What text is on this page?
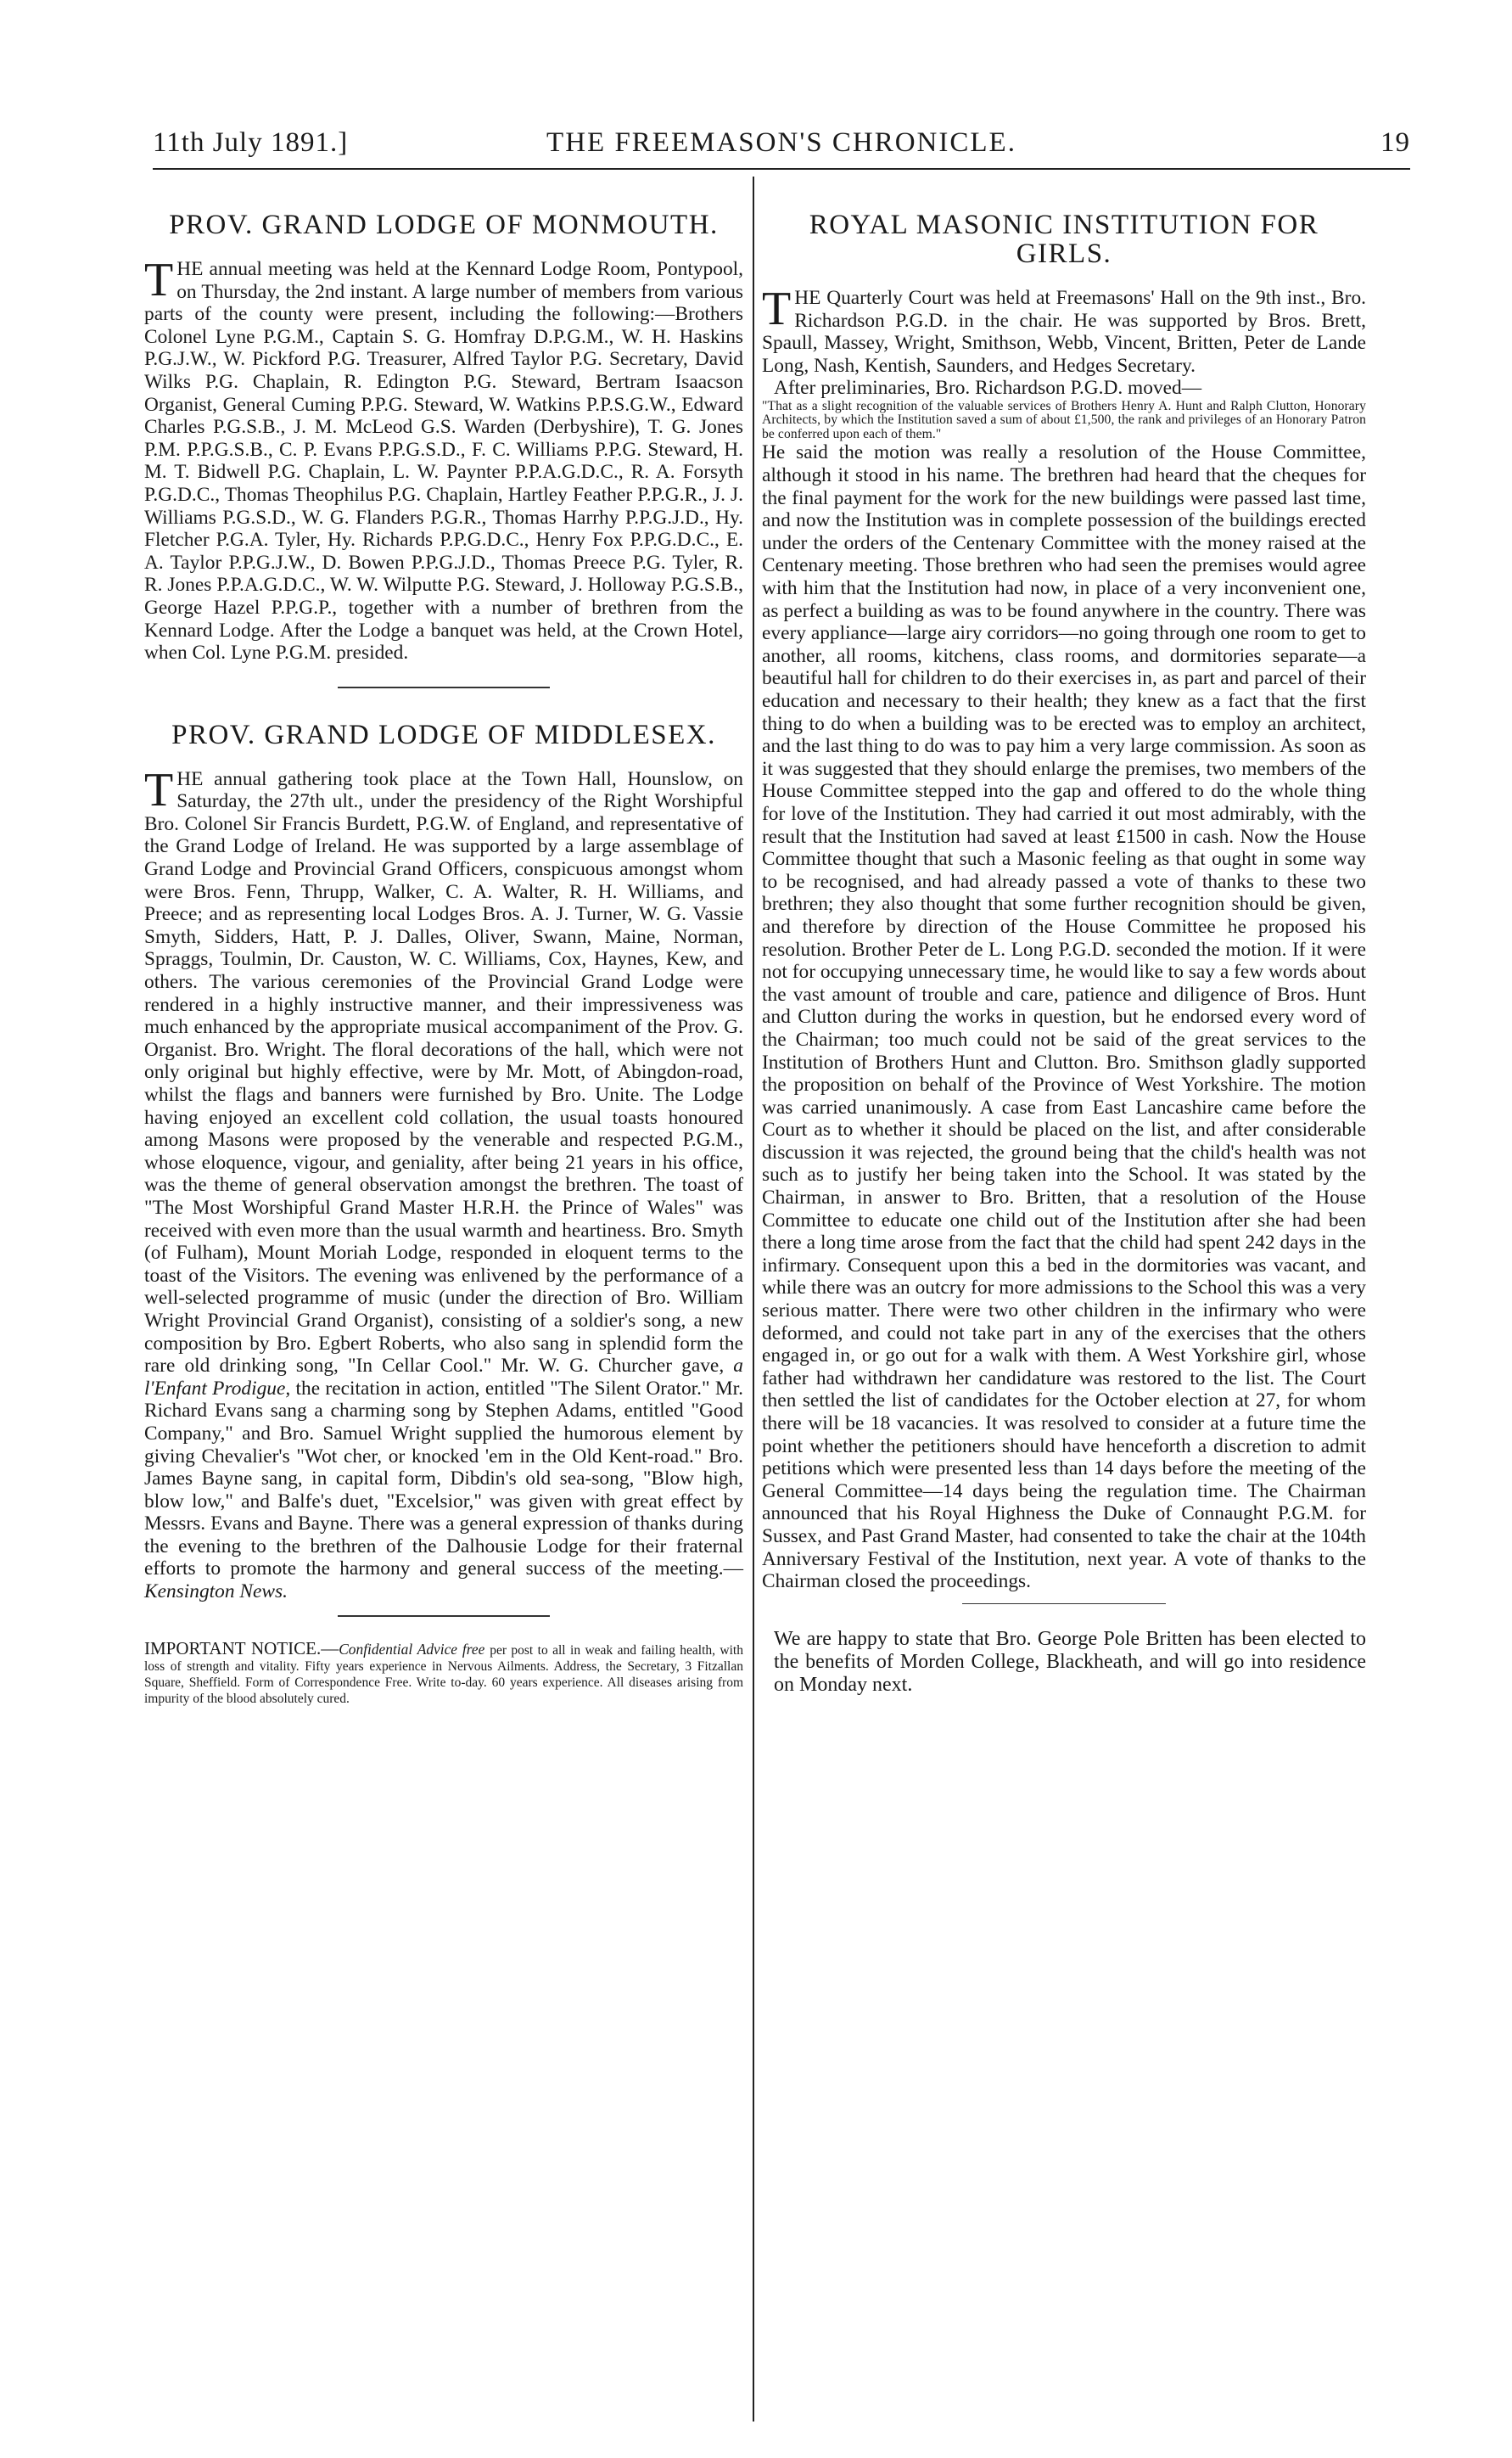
11th July 1891.]	THE FREEMASON'S CHRONICLE.	19
PROV. GRAND LODGE OF MONMOUTH.

THE annual meeting was held at the Kennard Lodge Room, Pontypool, on Thursday, the 2nd instant. A large number of members from various parts of the county were present, including the following:—Brothers Colonel Lyne P.G.M., Captain S. G. Homfray D.P.G.M., W. H. Haskins P.G.J.W., W. Pickford P.G. Treasurer, Alfred Taylor P.G. Secretary, David Wilks P.G. Chaplain, R. Edington P.G. Steward, Bertram Isaacson Organist, General Cuming P.P.G. Steward, W. Watkins P.P.S.G.W., Edward Charles P.G.S.B., J. M. McLeod G.S. Warden (Derbyshire), T. G. Jones P.M. P.P.G.S.B., C. P. Evans P.P.G.S.D., F. C. Williams P.P.G. Steward, H. M. T. Bidwell P.G. Chaplain, L. W. Paynter P.P.A.G.D.C., R. A. Forsyth P.G.D.C., Thomas Theophilus P.G. Chaplain, Hartley Feather P.P.G.R., J. J. Williams P.G.S.D., W. G. Flanders P.G.R., Thomas Harrhy P.P.G.J.D., Hy. Fletcher P.G.A. Tyler, Hy. Richards P.P.G.D.C., Henry Fox P.P.G.D.C., E. A. Taylor P.P.G.J.W., D. Bowen P.P.G.J.D., Thomas Preece P.G. Tyler, R. R. Jones P.P.A.G.D.C., W. W. Wilputte P.G. Steward, J. Holloway P.G.S.B., George Hazel P.P.G.P., together with a number of brethren from the Kennard Lodge. After the Lodge a banquet was held, at the Crown Hotel, when Col. Lyne P.G.M. presided.

PROV. GRAND LODGE OF MIDDLESEX.

THE annual gathering took place at the Town Hall, Hounslow, on Saturday, the 27th ult., under the presidency of the Right Worshipful Bro. Colonel Sir Francis Burdett, P.G.W. of England, and representative of the Grand Lodge of Ireland. He was supported by a large assemblage of Grand Lodge and Provincial Grand Officers, conspicuous amongst whom were Bros. Fenn, Thrupp, Walker, C. A. Walter, R. H. Williams, and Preece; and as representing local Lodges Bros. A. J. Turner, W. G. Vassie Smyth, Sidders, Hatt, P. J. Dalles, Oliver, Swann, Maine, Norman, Spraggs, Toulmin, Dr. Causton, W. C. Williams, Cox, Haynes, Kew, and others. The various ceremonies of the Provincial Grand Lodge were rendered in a highly instructive manner, and their impressiveness was much enhanced by the appropriate musical accompaniment of the Prov. G. Organist. Bro. Wright. The floral decorations of the hall, which were not only original but highly effective, were by Mr. Mott, of Abingdon-road, whilst the flags and banners were furnished by Bro. Unite. The Lodge having enjoyed an excellent cold collation, the usual toasts honoured among Masons were proposed by the venerable and respected P.G.M., whose eloquence, vigour, and geniality, after being 21 years in his office, was the theme of general observation amongst the brethren. The toast of "The Most Worshipful Grand Master H.R.H. the Prince of Wales" was received with even more than the usual warmth and heartiness. Bro. Smyth (of Fulham), Mount Moriah Lodge, responded in eloquent terms to the toast of the Visitors. The evening was enlivened by the performance of a well-selected programme of music (under the direction of Bro. William Wright Provincial Grand Organist), consisting of a soldier's song, a new composition by Bro. Egbert Roberts, who also sang in splendid form the rare old drinking song, "In Cellar Cool." Mr. W. G. Churcher gave, a l'Enfant Prodigue, the recitation in action, entitled "The Silent Orator." Mr. Richard Evans sang a charming song by Stephen Adams, entitled "Good Company," and Bro. Samuel Wright supplied the humorous element by giving Chevalier's "Wot cher, or knocked 'em in the Old Kent-road." Bro. James Bayne sang, in capital form, Dibdin's old sea-song, "Blow high, blow low," and Balfe's duet, "Excelsior," was given with great effect by Messrs. Evans and Bayne. There was a general expression of thanks during the evening to the brethren of the Dalhousie Lodge for their fraternal efforts to promote the harmony and general success of the meeting.—Kensington News.

IMPORTANT NOTICE.—Confidential Advice free per post to all in weak and failing health, with loss of strength and vitality. Fifty years experience in Nervous Ailments. Address, the Secretary, 3 Fitzallan Square, Sheffield. Form of Correspondence Free. Write to-day. 60 years experience. All diseases arising from impurity of the blood absolutely cured.
ROYAL MASONIC INSTITUTION FOR GIRLS.

THE Quarterly Court was held at Freemasons' Hall on the 9th inst., Bro. Richardson P.G.D. in the chair. He was supported by Bros. Brett, Spaull, Massey, Wright, Smithson, Webb, Vincent, Britten, Peter de Lande Long, Nash, Kentish, Saunders, and Hedges Secretary.

After preliminaries, Bro. Richardson P.G.D. moved—

"That as a slight recognition of the valuable services of Brothers Henry A. Hunt and Ralph Clutton, Honorary Architects, by which the Institution saved a sum of about £1,500, the rank and privileges of an Honorary Patron be conferred upon each of them."

He said the motion was really a resolution of the House Committee, although it stood in his name. The brethren had heard that the cheques for the final payment for the work for the new buildings were passed last time, and now the Institution was in complete possession of the buildings erected under the orders of the Centenary Committee with the money raised at the Centenary meeting. Those brethren who had seen the premises would agree with him that the Institution had now, in place of a very inconvenient one, as perfect a building as was to be found anywhere in the country. There was every appliance—large airy corridors—no going through one room to get to another, all rooms, kitchens, class rooms, and dormitories separate—a beautiful hall for children to do their exercises in, as part and parcel of their education and necessary to their health; they knew as a fact that the first thing to do when a building was to be erected was to employ an architect, and the last thing to do was to pay him a very large commission. As soon as it was suggested that they should enlarge the premises, two members of the House Committee stepped into the gap and offered to do the whole thing for love of the Institution. They had carried it out most admirably, with the result that the Institution had saved at least £1500 in cash. Now the House Committee thought that such a Masonic feeling as that ought in some way to be recognised, and had already passed a vote of thanks to these two brethren; they also thought that some further recognition should be given, and therefore by direction of the House Committee he proposed his resolution. Brother Peter de L. Long P.G.D. seconded the motion. If it were not for occupying unnecessary time, he would like to say a few words about the vast amount of trouble and care, patience and diligence of Bros. Hunt and Clutton during the works in question, but he endorsed every word of the Chairman; too much could not be said of the great services to the Institution of Brothers Hunt and Clutton. Bro. Smithson gladly supported the proposition on behalf of the Province of West Yorkshire. The motion was carried unanimously. A case from East Lancashire came before the Court as to whether it should be placed on the list, and after considerable discussion it was rejected, the ground being that the child's health was not such as to justify her being taken into the School. It was stated by the Chairman, in answer to Bro. Britten, that a resolution of the House Committee to educate one child out of the Institution after she had been there a long time arose from the fact that the child had spent 242 days in the infirmary. Consequent upon this a bed in the dormitories was vacant, and while there was an outcry for more admissions to the School this was a very serious matter. There were two other children in the infirmary who were deformed, and could not take part in any of the exercises that the others engaged in, or go out for a walk with them. A West Yorkshire girl, whose father had withdrawn her candidature was restored to the list. The Court then settled the list of candidates for the October election at 27, for whom there will be 18 vacancies. It was resolved to consider at a future time the point whether the petitioners should have henceforth a discretion to admit petitions which were presented less than 14 days before the meeting of the General Committee—14 days being the regulation time. The Chairman announced that his Royal Highness the Duke of Connaught P.G.M. for Sussex, and Past Grand Master, had consented to take the chair at the 104th Anniversary Festival of the Institution, next year. A vote of thanks to the Chairman closed the proceedings.

We are happy to state that Bro. George Pole Britten has been elected to the benefits of Morden College, Blackheath, and will go into residence on Monday next.
